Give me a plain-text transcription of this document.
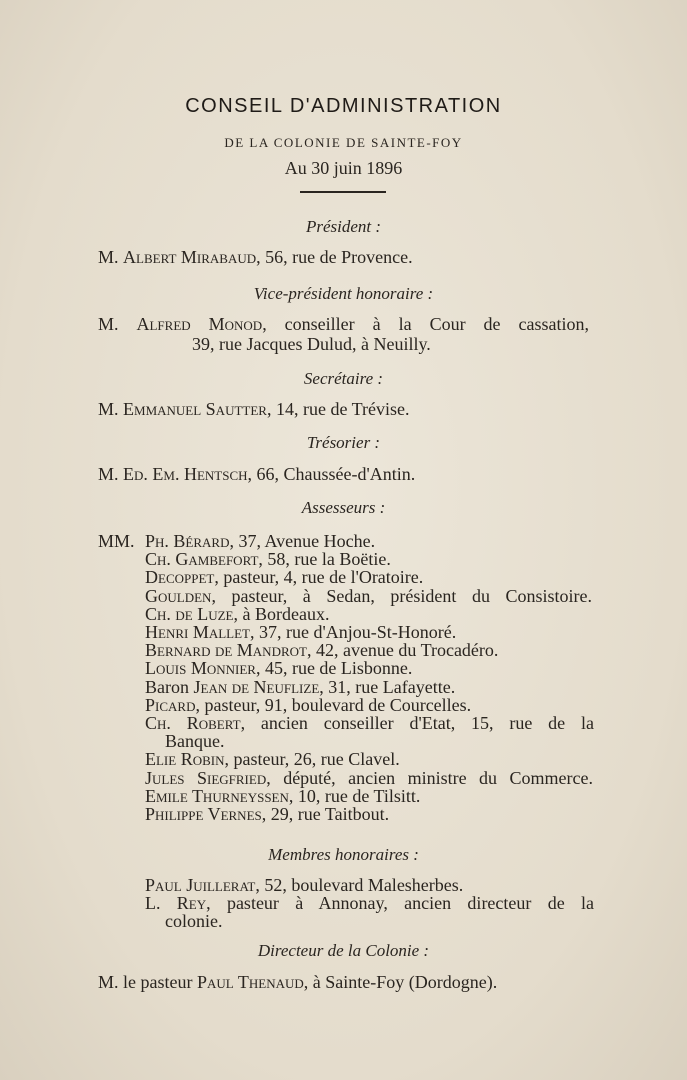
CONSEIL D'ADMINISTRATION
DE LA COLONIE DE SAINTE-FOY
Au 30 juin 1896
Président :
M. Albert Mirabaud, 56, rue de Provence.
Vice-président honoraire :
M. Alfred Monod, conseiller à la Cour de cassation,
39, rue Jacques Dulud, à Neuilly.
Secrétaire :
M. Emmanuel Sautter, 14, rue de Trévise.
Trésorier :
M. Ed. Em. Hentsch, 66, Chaussée-d'Antin.
Assesseurs :
MM. Ph. Bérard, 37, Avenue Hoche.
Ch. Gambefort, 58, rue la Boëtie.
Decoppet, pasteur, 4, rue de l'Oratoire.
Goulden, pasteur, à Sedan, président du Consistoire.
Ch. de Luze, à Bordeaux.
Henri Mallet, 37, rue d'Anjou-St-Honoré.
Bernard de Mandrot, 42, avenue du Trocadéro.
Louis Monnier, 45, rue de Lisbonne.
Baron Jean de Neuflize, 31, rue Lafayette.
Picard, pasteur, 91, boulevard de Courcelles.
Ch. Robert, ancien conseiller d'Etat, 15, rue de la
Banque.
Elie Robin, pasteur, 26, rue Clavel.
Jules Siegfried, député, ancien ministre du Commerce.
Emile Thurneyssen, 10, rue de Tilsitt.
Philippe Vernes, 29, rue Taitbout.
Membres honoraires :
Paul Juillerat, 52, boulevard Malesherbes.
L. Rey, pasteur à Annonay, ancien directeur de la
colonie.
Directeur de la Colonie :
M. le pasteur Paul Thenaud, à Sainte-Foy (Dordogne).
